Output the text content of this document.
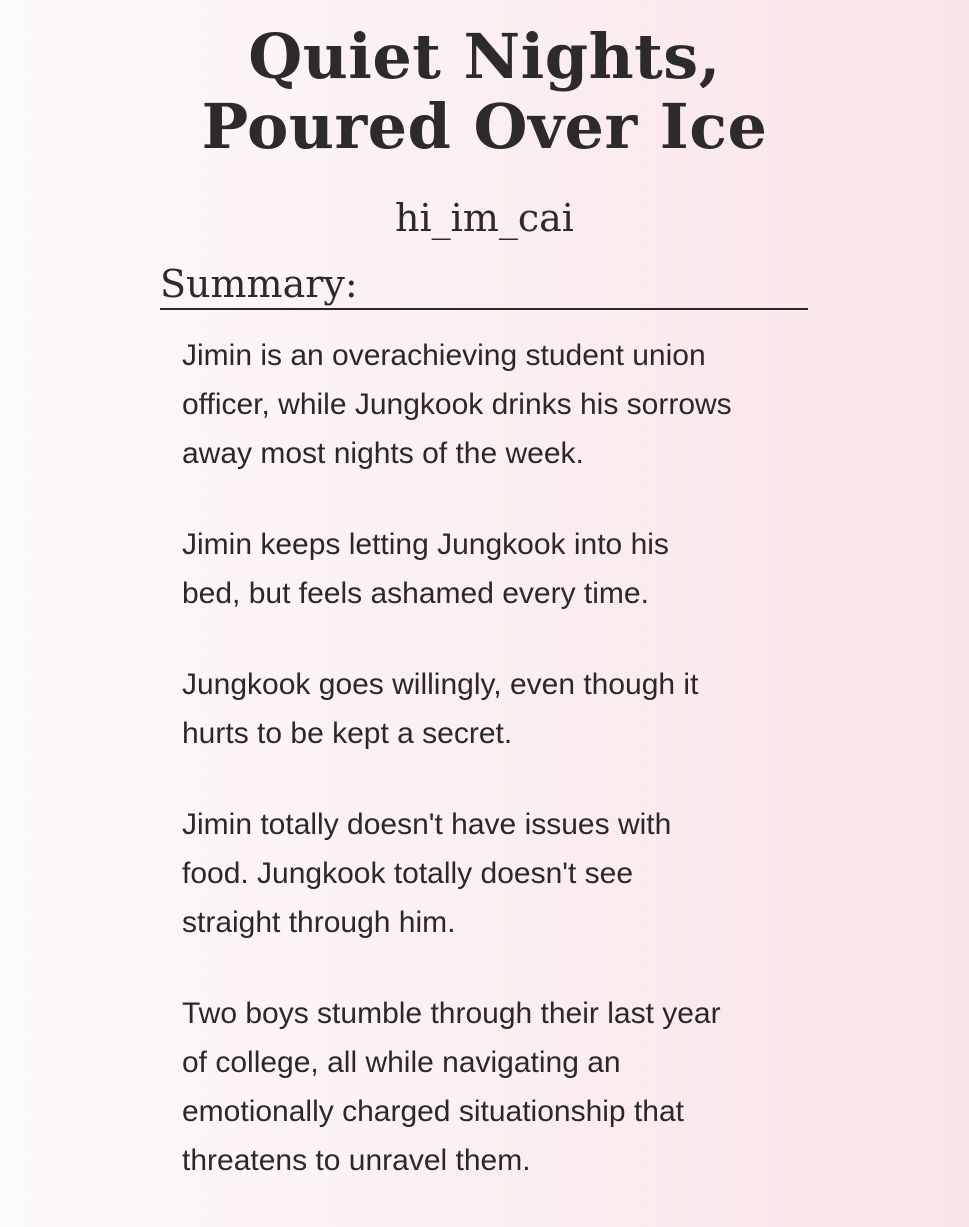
Quiet Nights,
Poured Over Ice
hi_im_cai
Summary:

Jimin is an overachieving student union
officer, while Jungkook drinks his sorrows
away most nights of the week.

Jimin keeps letting Jungkook into his
bed, but feels ashamed every time.

Jungkook goes willingly, even though it
hurts to be kept a secret.

Jimin totally doesn't have issues with
food. Jungkook totally doesn't see
straight through him.

Two boys stumble through their last year
of college, all while navigating an
emotionally charged situationship that
threatens to unravel them.
